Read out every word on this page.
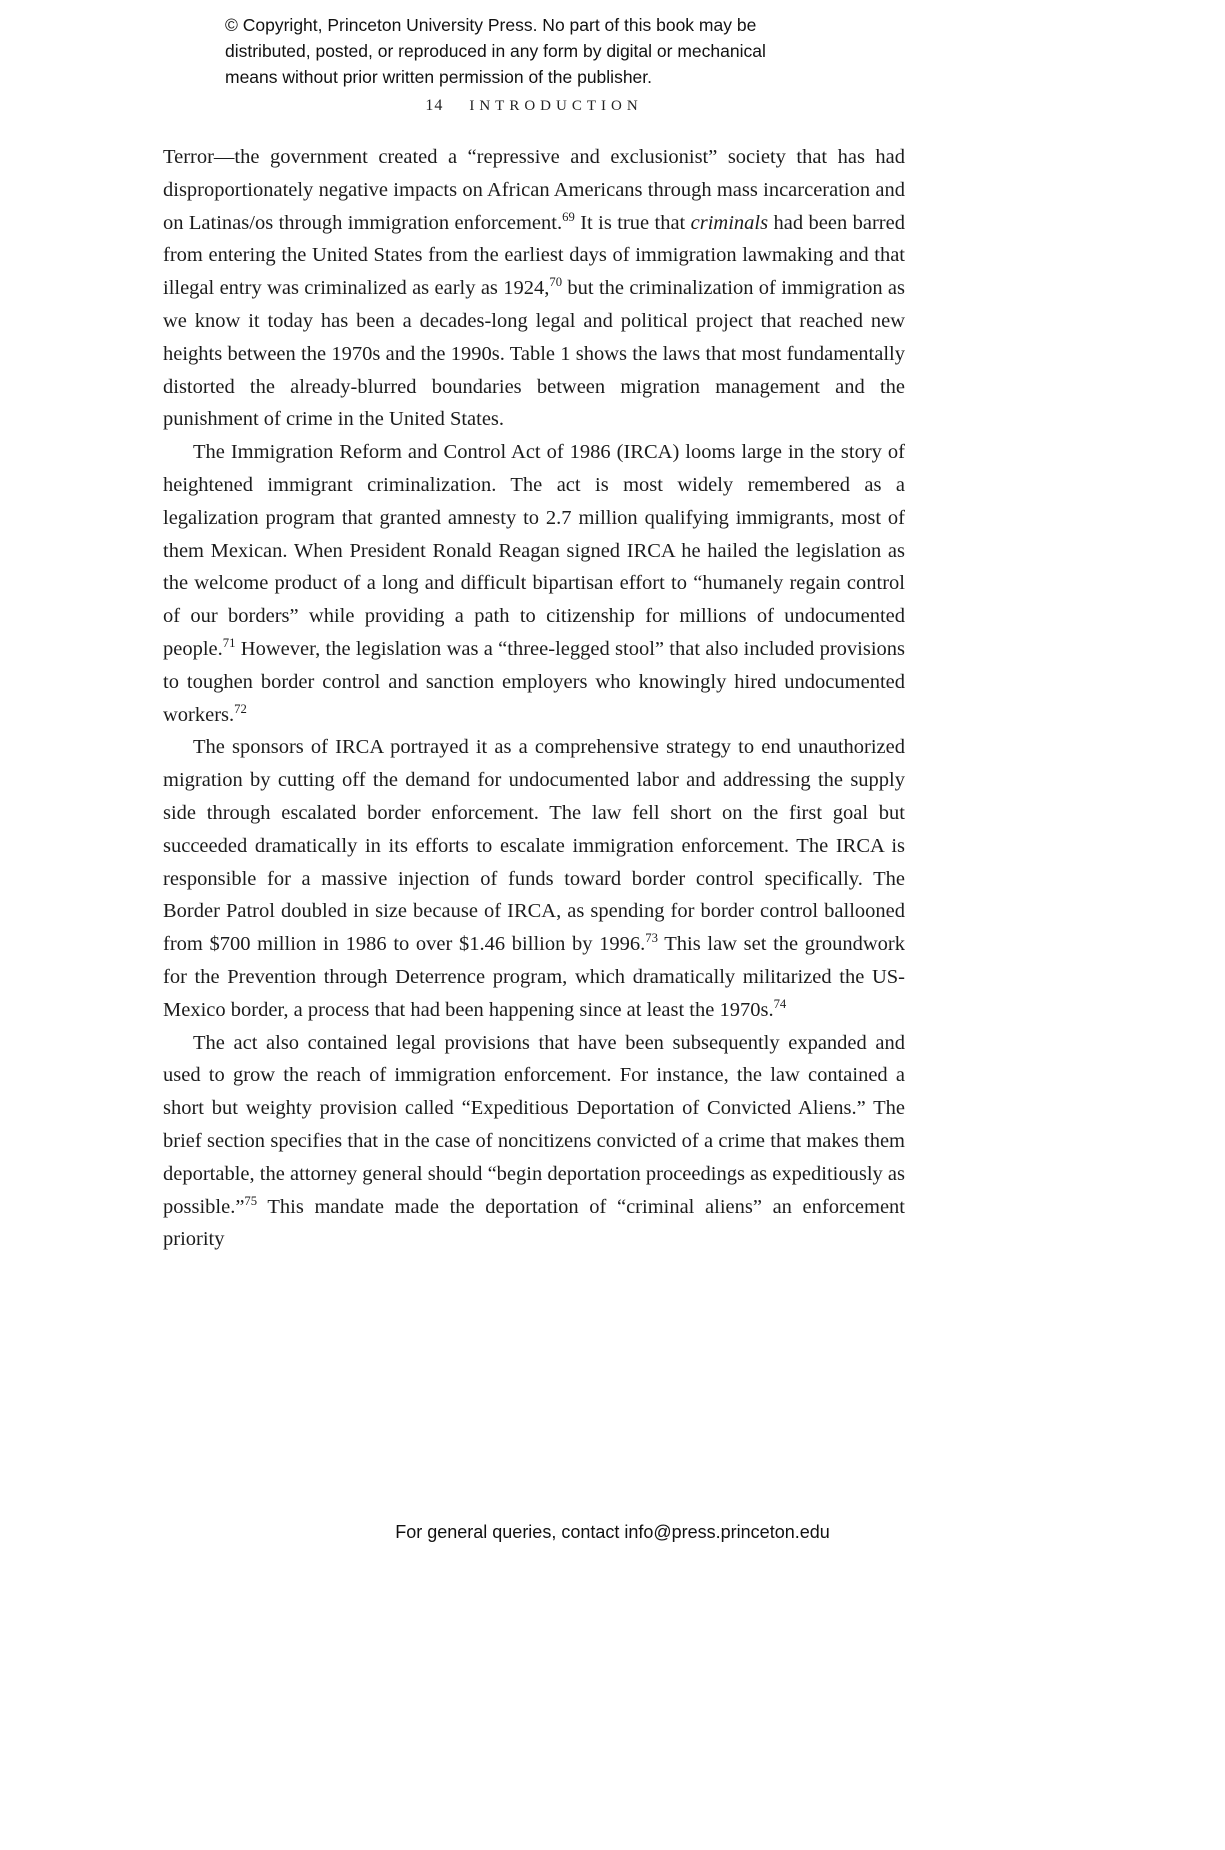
© Copyright, Princeton University Press. No part of this book may be
distributed, posted, or reproduced in any form by digital or mechanical
means without prior written permission of the publisher.
14 INTRODUCTION

Terror—the government created a “repressive and exclusionist” society that has had disproportionately negative impacts on African Americans through mass incarceration and on Latinas/os through immigration enforcement.$^{69}$ It is true that criminals had been barred from entering the United States from the earliest days of immigration lawmaking and that illegal entry was criminalized as early as 1924,70 but the criminalization of immigration as we know it today has been a decades-long legal and political project that reached new heights between the 1970s and the 1990s. Table 1 shows the laws that most fundamentally distorted the already-blurred boundaries between migration management and the punishment of crime in the United States.

The Immigration Reform and Control Act of 1986 (IRCA) looms large in the story of heightened immigrant criminalization. The act is most widely remembered as a legalization program that granted amnesty to 2.7 million qualifying immigrants, most of them Mexican. When President Ronald Reagan signed IRCA he hailed the legislation as the welcome product of a long and difficult bipartisan effort to “humanely regain control of our borders” while providing a path to citizenship for millions of undocumented people.$^{71}$ However, the legislation was a “three-legged stool” that also included provisions to toughen border control and sanction employers who knowingly hired undocumented workers.$^{72}$

The sponsors of IRCA portrayed it as a comprehensive strategy to end unauthorized migration by cutting off the demand for undocumented labor and addressing the supply side through escalated border enforcement. The law fell short on the first goal but succeeded dramatically in its efforts to escalate immigration enforcement. The IRCA is responsible for a massive injection of funds toward border control specifically. The Border Patrol doubled in size because of IRCA, as spending for border control ballooned from $700 million in 1986 to over $1.46 billion by 1996.73 This law set the groundwork for the Prevention through Deterrence program, which dramatically militarized the US-Mexico border, a process that had been happening since at least the 1970s.$^{74}$

The act also contained legal provisions that have been subsequently expanded and used to grow the reach of immigration enforcement. For instance, the law contained a short but weighty provision called “Expeditious Deportation of Convicted Aliens.” The brief section specifies that in the case of noncitizens convicted of a crime that makes them deportable, the attorney general should “begin deportation proceedings as expeditiously as possible.”$^{75}$ This mandate made the deportation of “criminal aliens” an enforcement priority

For general queries, contact info@press.princeton.edu
